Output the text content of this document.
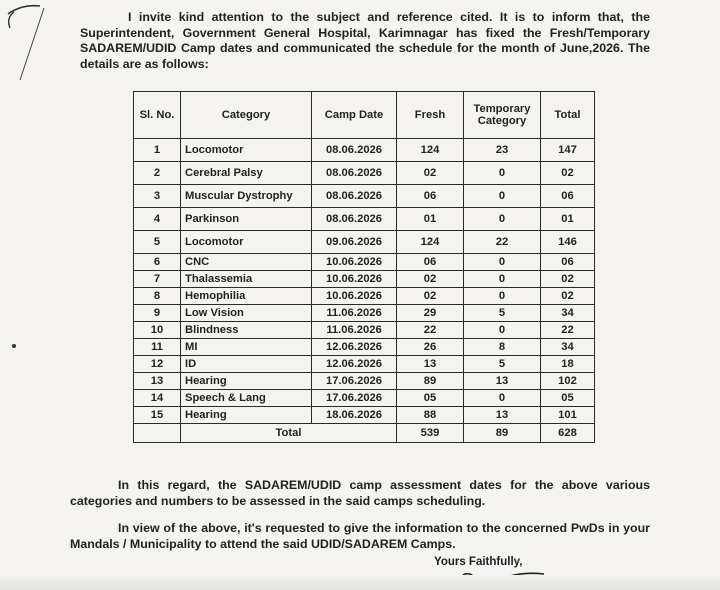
I invite kind attention to the subject and reference cited. It is to inform that, the Superintendent, Government General Hospital, Karimnagar has fixed the Fresh/Temporary SADAREM/UDID Camp dates and communicated the schedule for the month of June,2026. The details are as follows:
Sl. No.	Category	Camp Date	Fresh	Temporary Category	Total
1	Locomotor	08.06.2026	124	23	147
2	Cerebral Palsy	08.06.2026	02	0	02
3	Muscular Dystrophy	08.06.2026	06	0	06
4	Parkinson	08.06.2026	01	0	01
5	Locomotor	09.06.2026	124	22	146
6	CNC	10.06.2026	06	0	06
7	Thalassemia	10.06.2026	02	0	02
8	Hemophilia	10.06.2026	02	0	02
9	Low Vision	11.06.2026	29	5	34
10	Blindness	11.06.2026	22	0	22
11	MI	12.06.2026	26	8	34
12	ID	12.06.2026	13	5	18
13	Hearing	17.06.2026	89	13	102
14	Speech & Lang	17.06.2026	05	0	05
15	Hearing	18.06.2026	88	13	101
	Total		539	89	628
In this regard, the SADAREM/UDID camp assessment dates for the above various categories and numbers to be assessed in the said camps scheduling.
In view of the above, it's requested to give the information to the concerned PwDs in your Mandals / Municipality to attend the said UDID/SADAREM Camps.
Yours Faithfully,
